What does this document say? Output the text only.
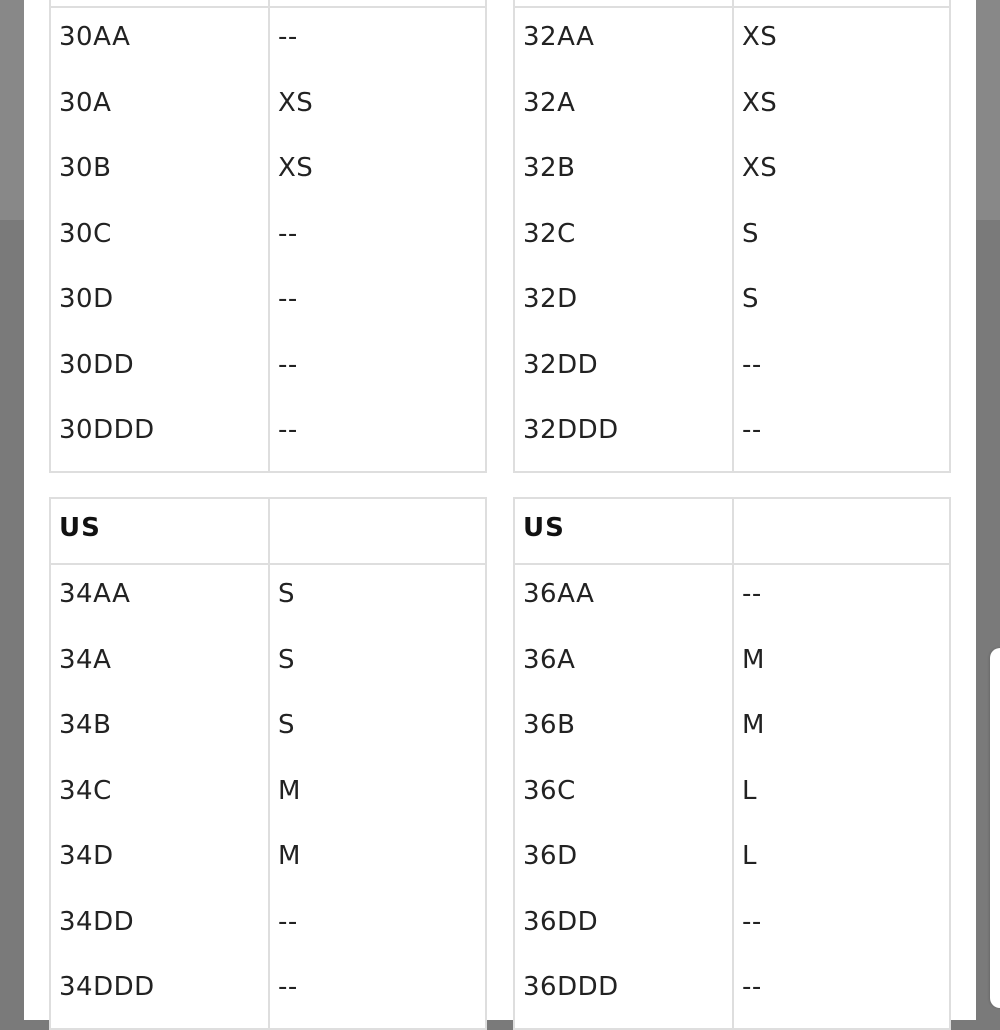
30AA	--
30A	XS
30B	XS
30C	--
30D	--
30DD	--
30DDD	--
32AA	XS
32A	XS
32B	XS
32C	S
32D	S
32DD	--
32DDD	--
US
34AA	S
34A	S
34B	S
34C	M
34D	M
34DD	--
34DDD	--
US
36AA	--
36A	M
36B	M
36C	L
36D	L
36DD	--
36DDD	--
